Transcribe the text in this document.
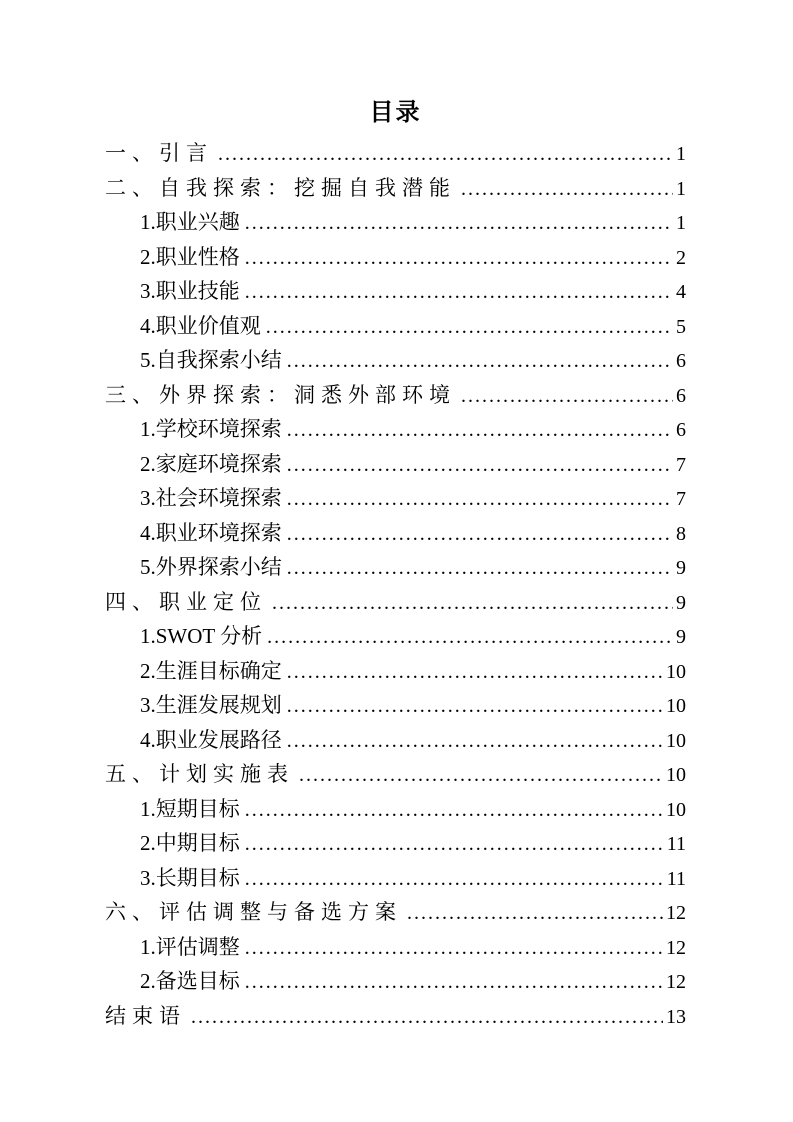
目录
一、引言 .....	1
二、自我探索：挖掘自我潜能 .....	1
1.职业兴趣 .....	1
2.职业性格 .....	2
3.职业技能 .....	4
4.职业价值观 .....	5
5.自我探索小结 .....	6
三、外界探索：洞悉外部环境 .....	6
1.学校环境探索 .....	6
2.家庭环境探索 .....	7
3.社会环境探索 .....	7
4.职业环境探索 .....	8
5.外界探索小结 .....	9
四、职业定位 .....	9
1.SWOT 分析 .....	9
2.生涯目标确定 .....	10
3.生涯发展规划 .....	10
4.职业发展路径 .....	10
五、计划实施表 .....	10
1.短期目标 .....	10
2.中期目标 .....	11
3.长期目标 .....	11
六、评估调整与备选方案 .....	12
1.评估调整 .....	12
2.备选目标 .....	12
结束语 .....	13
